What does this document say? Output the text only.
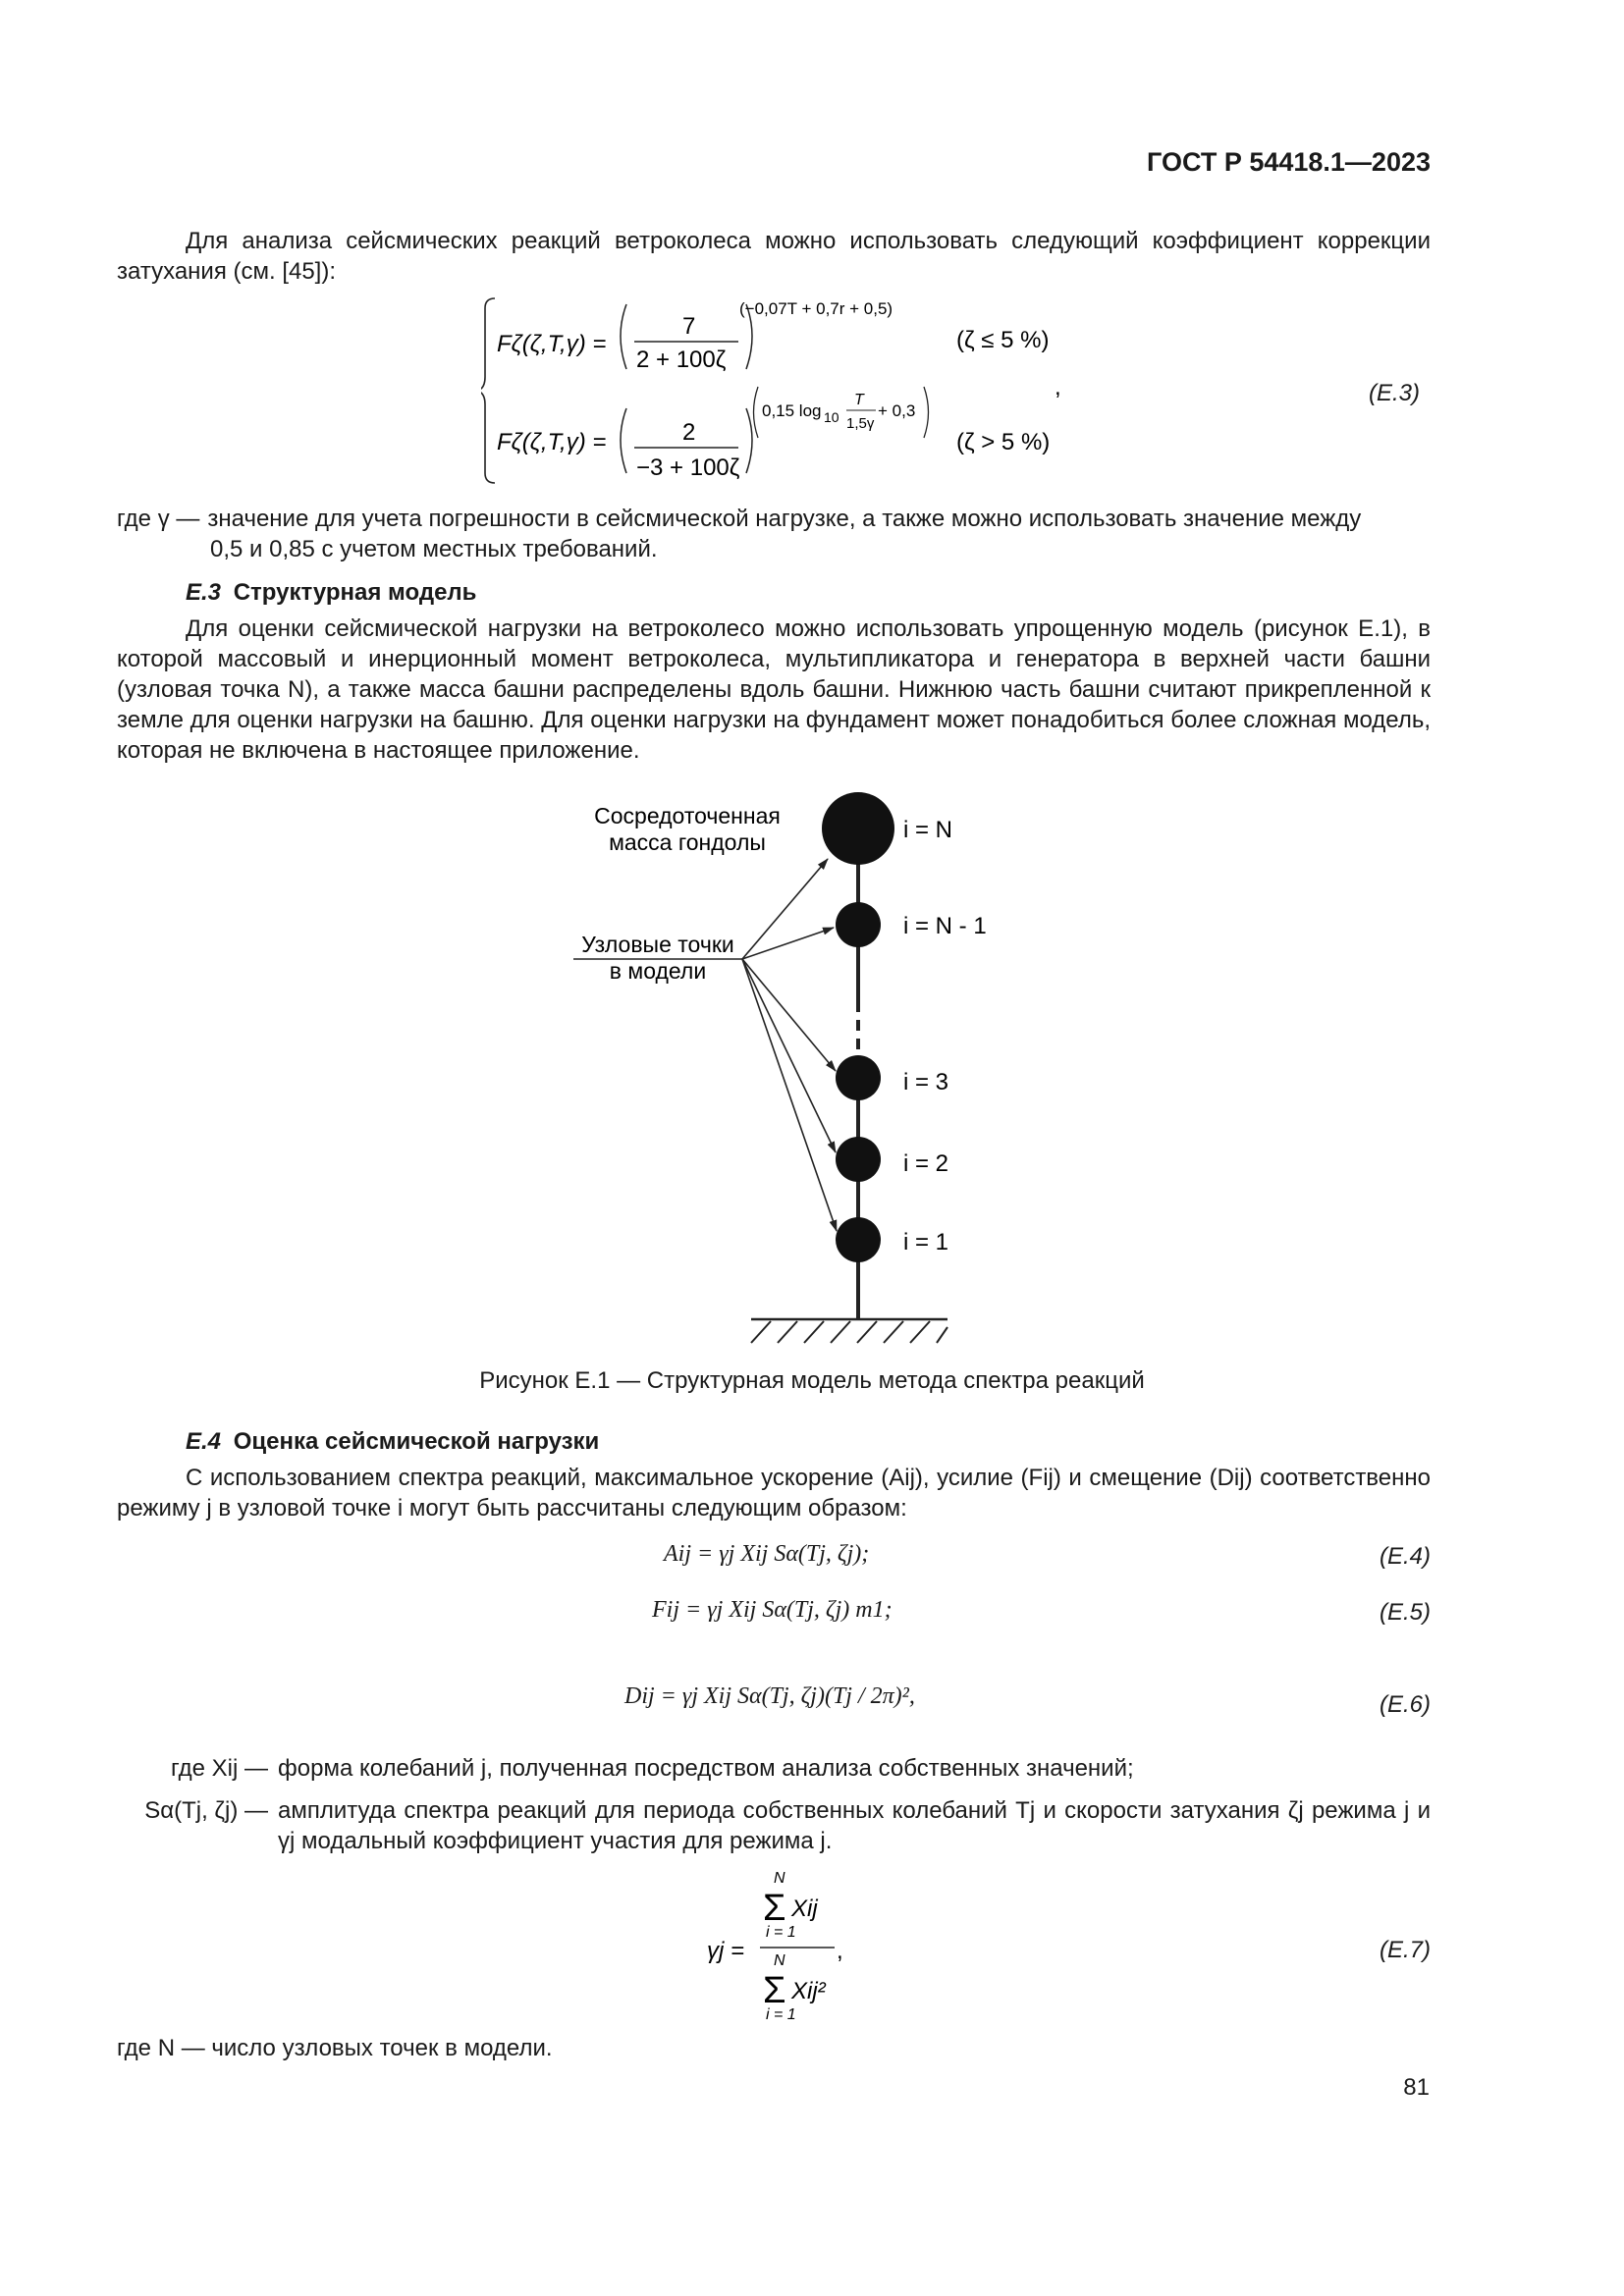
ГОСТ Р 54418.1—2023
Для анализа сейсмических реакций ветроколеса можно использовать следующий коэффициент коррекции затухания (см. [45]):
Fζ(ζ,T,γ) =
7
2 + 100ζ
(−0,07T + 0,7r + 0,5)
(ζ ≤ 5 %)
Fζ(ζ,T,γ) =	2
−3 + 100ζ
0,15 log 10
T
1,5γ
+ 0,3
(ζ > 5 %)
,	(E.3)
где γ — значение для учета погрешности в сейсмической нагрузке, а также можно использовать значение между
0,5 и 0,85 с учетом местных требований.
E.3 Структурная модель
Для оценки сейсмической нагрузки на ветроколесо можно использовать упрощенную модель (рисунок E.1), в которой массовый и инерционный момент ветроколеса, мультипликатора и генератора в верхней части башни (узловая точка N), а также масса башни распределены вдоль башни. Нижнюю часть башни считают прикрепленной к земле для оценки нагрузки на башню. Для оценки нагрузки на фундамент может понадобиться более сложная модель, которая не включена в настоящее приложение.
i = N
i = N - 1
i = 3
i = 2
i = 1
Сосредоточенная
масса гондолы
Узловые точки
в модели
Рисунок E.1 — Структурная модель метода спектра реакций
E.4 Оценка сейсмической нагрузки
С использованием спектра реакций, максимальное ускорение (Aij), усилие (Fij) и смещение (Dij) соответственно режиму j в узловой точке i могут быть рассчитаны следующим образом:
Aij = γj Xij Sα(Tj, ζj);	(E.4)
Fij = γj Xij Sα(Tj, ζj) m1;	(E.5)
Dij = γj Xij Sα(Tj, ζj)(Tj / 2π)²,	(E.6)
где Xij — форма колебаний j, полученная посредством анализа собственных значений;
Sα(Tj, ζj) — амплитуда спектра реакций для периода собственных колебаний Tj и скорости затухания ζj режима j и γj модальный коэффициент участия для режима j.
γj =
N
Σ
i = 1
Xij
,
N
Σ
i = 1
Xij²
(E.7)
где N — число узловых точек в модели.
81
